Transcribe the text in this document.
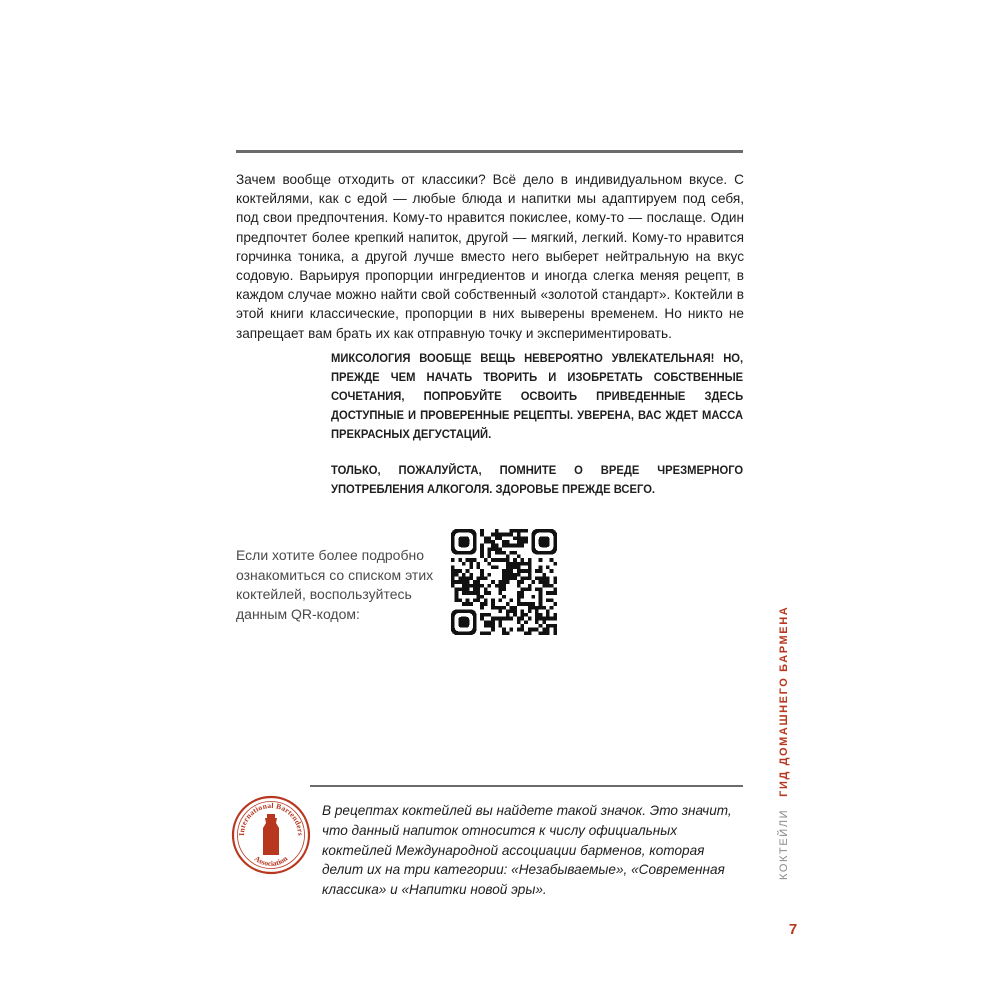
Зачем вообще отходить от классики? Всё дело в индивидуальном вкусе. С коктейлями, как с едой — любые блюда и напитки мы адаптируем под себя, под свои предпочтения. Кому-то нравится покислее, кому-то — послаще. Один предпочтет более крепкий напиток, другой — мягкий, легкий. Кому-то нравится горчинка тоника, а другой лучше вместо него выберет нейтральную на вкус содовую. Варьируя пропорции ингредиентов и иногда слегка меняя рецепт, в каждом случае можно найти свой собственный «золотой стандарт». Коктейли в этой книги классические, пропорции в них выверены временем. Но никто не запрещает вам брать их как отправную точку и экспериментировать.

МИКСОЛОГИЯ ВООБЩЕ ВЕЩЬ НЕВЕРОЯТНО УВЛЕКАТЕЛЬНАЯ! НО, ПРЕЖДЕ ЧЕМ НАЧАТЬ ТВОРИТЬ И ИЗОБРЕТАТЬ СОБСТВЕННЫЕ СОЧЕТАНИЯ, ПОПРОБУЙТЕ ОСВОИТЬ ПРИВЕДЕННЫЕ ЗДЕСЬ ДОСТУПНЫЕ И ПРОВЕРЕННЫЕ РЕЦЕПТЫ. УВЕРЕНА, ВАС ЖДЕТ МАССА ПРЕКРАСНЫХ ДЕГУСТАЦИЙ.

ТОЛЬКО, ПОЖАЛУЙСТА, ПОМНИТЕ О ВРЕДЕ ЧРЕЗМЕРНОГО УПОТРЕБЛЕНИЯ АЛКОГОЛЯ. ЗДОРОВЬЕ ПРЕЖДЕ ВСЕГО.

Если хотите более подробно ознакомиться со списком этих коктейлей, воспользуйтесь данным QR-кодом:

КОКТЕЙЛИ
ГИД ДОМАШНЕГО БАРМЕНА
7
International Bartenders
Association

В рецептах коктейлей вы найдете такой значок. Это значит, что данный напиток относится к числу официальных коктейлей Международной ассоциации барменов, которая делит их на три категории: «Незабываемые», «Современная классика» и «Напитки новой эры».
